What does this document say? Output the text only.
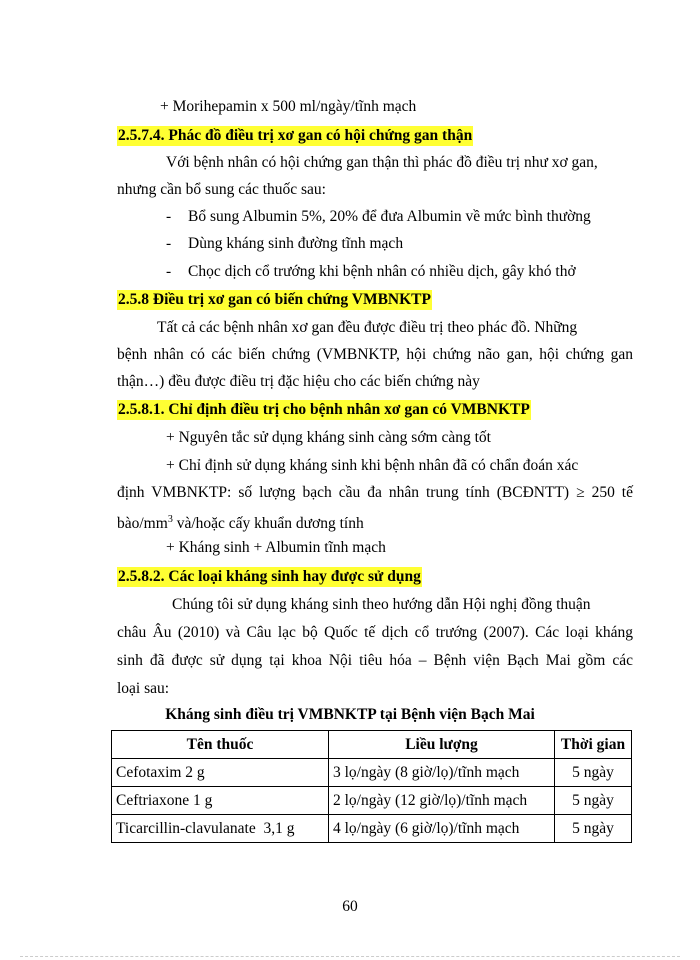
+ Morihepamin x 500 ml/ngày/tĩnh mạch
2.5.7.4. Phác đồ điều trị xơ gan có hội chứng gan thận
Với bệnh nhân có hội chứng gan thận thì phác đồ điều trị như xơ gan,
nhưng cần bổ sung các thuốc sau:
- Bổ sung Albumin 5%, 20% để đưa Albumin về mức bình thường
- Dùng kháng sinh đường tĩnh mạch
- Chọc dịch cổ trướng khi bệnh nhân có nhiều dịch, gây khó thở
2.5.8 Điều trị xơ gan có biến chứng VMBNKTP
Tất cả các bệnh nhân xơ gan đều được điều trị theo phác đồ. Những
bệnh nhân có các biến chứng (VMBNKTP, hội chứng não gan, hội chứng gan
thận…) đều được điều trị đặc hiệu cho các biến chứng này
2.5.8.1. Chỉ định điều trị cho bệnh nhân xơ gan có VMBNKTP
+ Nguyên tắc sử dụng kháng sinh càng sớm càng tốt
+ Chỉ định sử dụng kháng sinh khi bệnh nhân đã có chẩn đoán xác
định VMBNKTP: số lượng bạch cầu đa nhân trung tính (BCĐNTT) ≥ 250 tế
bào/$mm^3$ và/hoặc cấy khuẩn dương tính
+ Kháng sinh + Albumin tĩnh mạch
2.5.8.2. Các loại kháng sinh hay được sử dụng
Chúng tôi sử dụng kháng sinh theo hướng dẫn Hội nghị đồng thuận
châu Âu (2010) và Câu lạc bộ Quốc tế dịch cổ trướng (2007). Các loại kháng
sinh đã được sử dụng tại khoa Nội tiêu hóa – Bệnh viện Bạch Mai gồm các
loại sau:
Kháng sinh điều trị VMBNKTP tại Bệnh viện Bạch Mai
Tên thuốc	Liều lượng	Thời gian
Cefotaxim 2 g	3 lọ/ngày (8 giờ/lọ)/tĩnh mạch	5 ngày
Ceftriaxone 1 g	2 lọ/ngày (12 giờ/lọ)/tĩnh mạch	5 ngày
Ticarcillin-clavulanate  3,1 g	4 lọ/ngày (6 giờ/lọ)/tĩnh mạch	5 ngày
60
